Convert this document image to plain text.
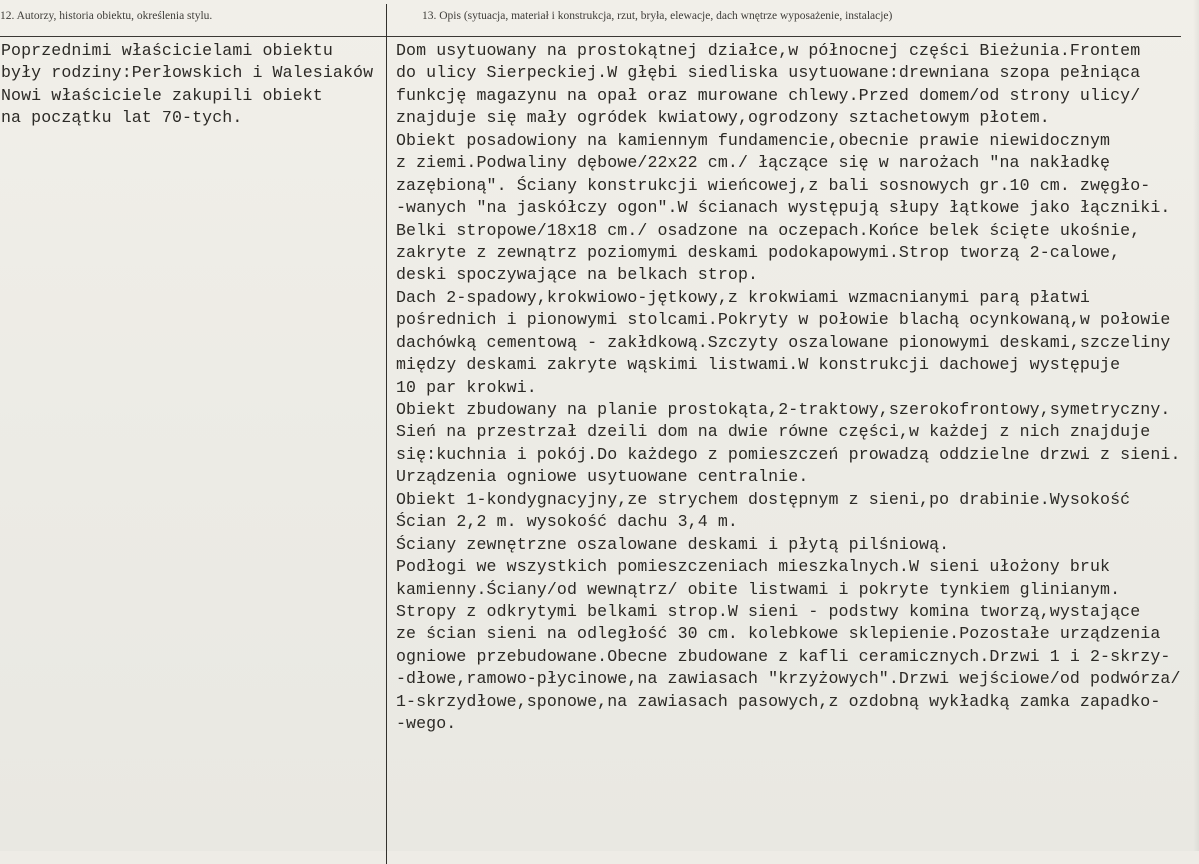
12. Autorzy, historia obiektu, określenia stylu.	13. Opis (sytuacja, materiał i konstrukcja, rzut, bryła, elewacje, dach wnętrze wyposażenie, instalacje)
Poprzednimi właścicielami obiektu
były rodziny:Perłowskich i Walesiaków
Nowi właściciele zakupili obiekt
na początku lat 70-tych.
Dom usytuowany na prostokątnej działce,w północnej części Bieżunia.Frontem
do ulicy Sierpeckiej.W głębi siedliska usytuowane:drewniana szopa pełniąca
funkcję magazynu na opał oraz murowane chlewy.Przed domem/od strony ulicy/
znajduje się mały ogródek kwiatowy,ogrodzony sztachetowym płotem.
Obiekt posadowiony na kamiennym fundamencie,obecnie prawie niewidocznym
z ziemi.Podwaliny dębowe/22x22 cm./ łączące się w narożach "na nakładkę
zazębioną". Ściany konstrukcji wieńcowej,z bali sosnowych gr.10 cm. zwęgło-
-wanych "na jaskółczy ogon".W ścianach występują słupy łątkowe jako łączniki.
Belki stropowe/18x18 cm./ osadzone na oczepach.Końce belek ścięte ukośnie,
zakryte z zewnątrz poziomymi deskami podokapowymi.Strop tworzą 2-calowe,
deski spoczywające na belkach strop.
Dach 2-spadowy,krokwiowo-jętkowy,z krokwiami wzmacnianymi parą płatwi
pośrednich i pionowymi stolcami.Pokryty w połowie blachą ocynkowaną,w połowie
dachówką cementową - zakłdkową.Szczyty oszalowane pionowymi deskami,szczeliny
między deskami zakryte wąskimi listwami.W konstrukcji dachowej występuje
10 par krokwi.
Obiekt zbudowany na planie prostokąta,2-traktowy,szerokofrontowy,symetryczny.
Sień na przestrzał dzeili dom na dwie równe części,w każdej z nich znajduje
się:kuchnia i pokój.Do każdego z pomieszczeń prowadzą oddzielne drzwi z sieni.
Urządzenia ogniowe usytuowane centralnie.
Obiekt 1-kondygnacyjny,ze strychem dostępnym z sieni,po drabinie.Wysokość
Ścian 2,2 m. wysokość dachu 3,4 m.
Ściany zewnętrzne oszalowane deskami i płytą pilśniową.
Podłogi we wszystkich pomieszczeniach mieszkalnych.W sieni ułożony bruk
kamienny.Ściany/od wewnątrz/ obite listwami i pokryte tynkiem glinianym.
Stropy z odkrytymi belkami strop.W sieni - podstwy komina tworzą,wystające
ze ścian sieni na odległość 30 cm. kolebkowe sklepienie.Pozostałe urządzenia
ogniowe przebudowane.Obecne zbudowane z kafli ceramicznych.Drzwi 1 i 2-skrzy-
-dłowe,ramowo-płycinowe,na zawiasach "krzyżowych".Drzwi wejściowe/od podwórza/
1-skrzydłowe,sponowe,na zawiasach pasowych,z ozdobną wykładką zamka zapadko-
-wego.
